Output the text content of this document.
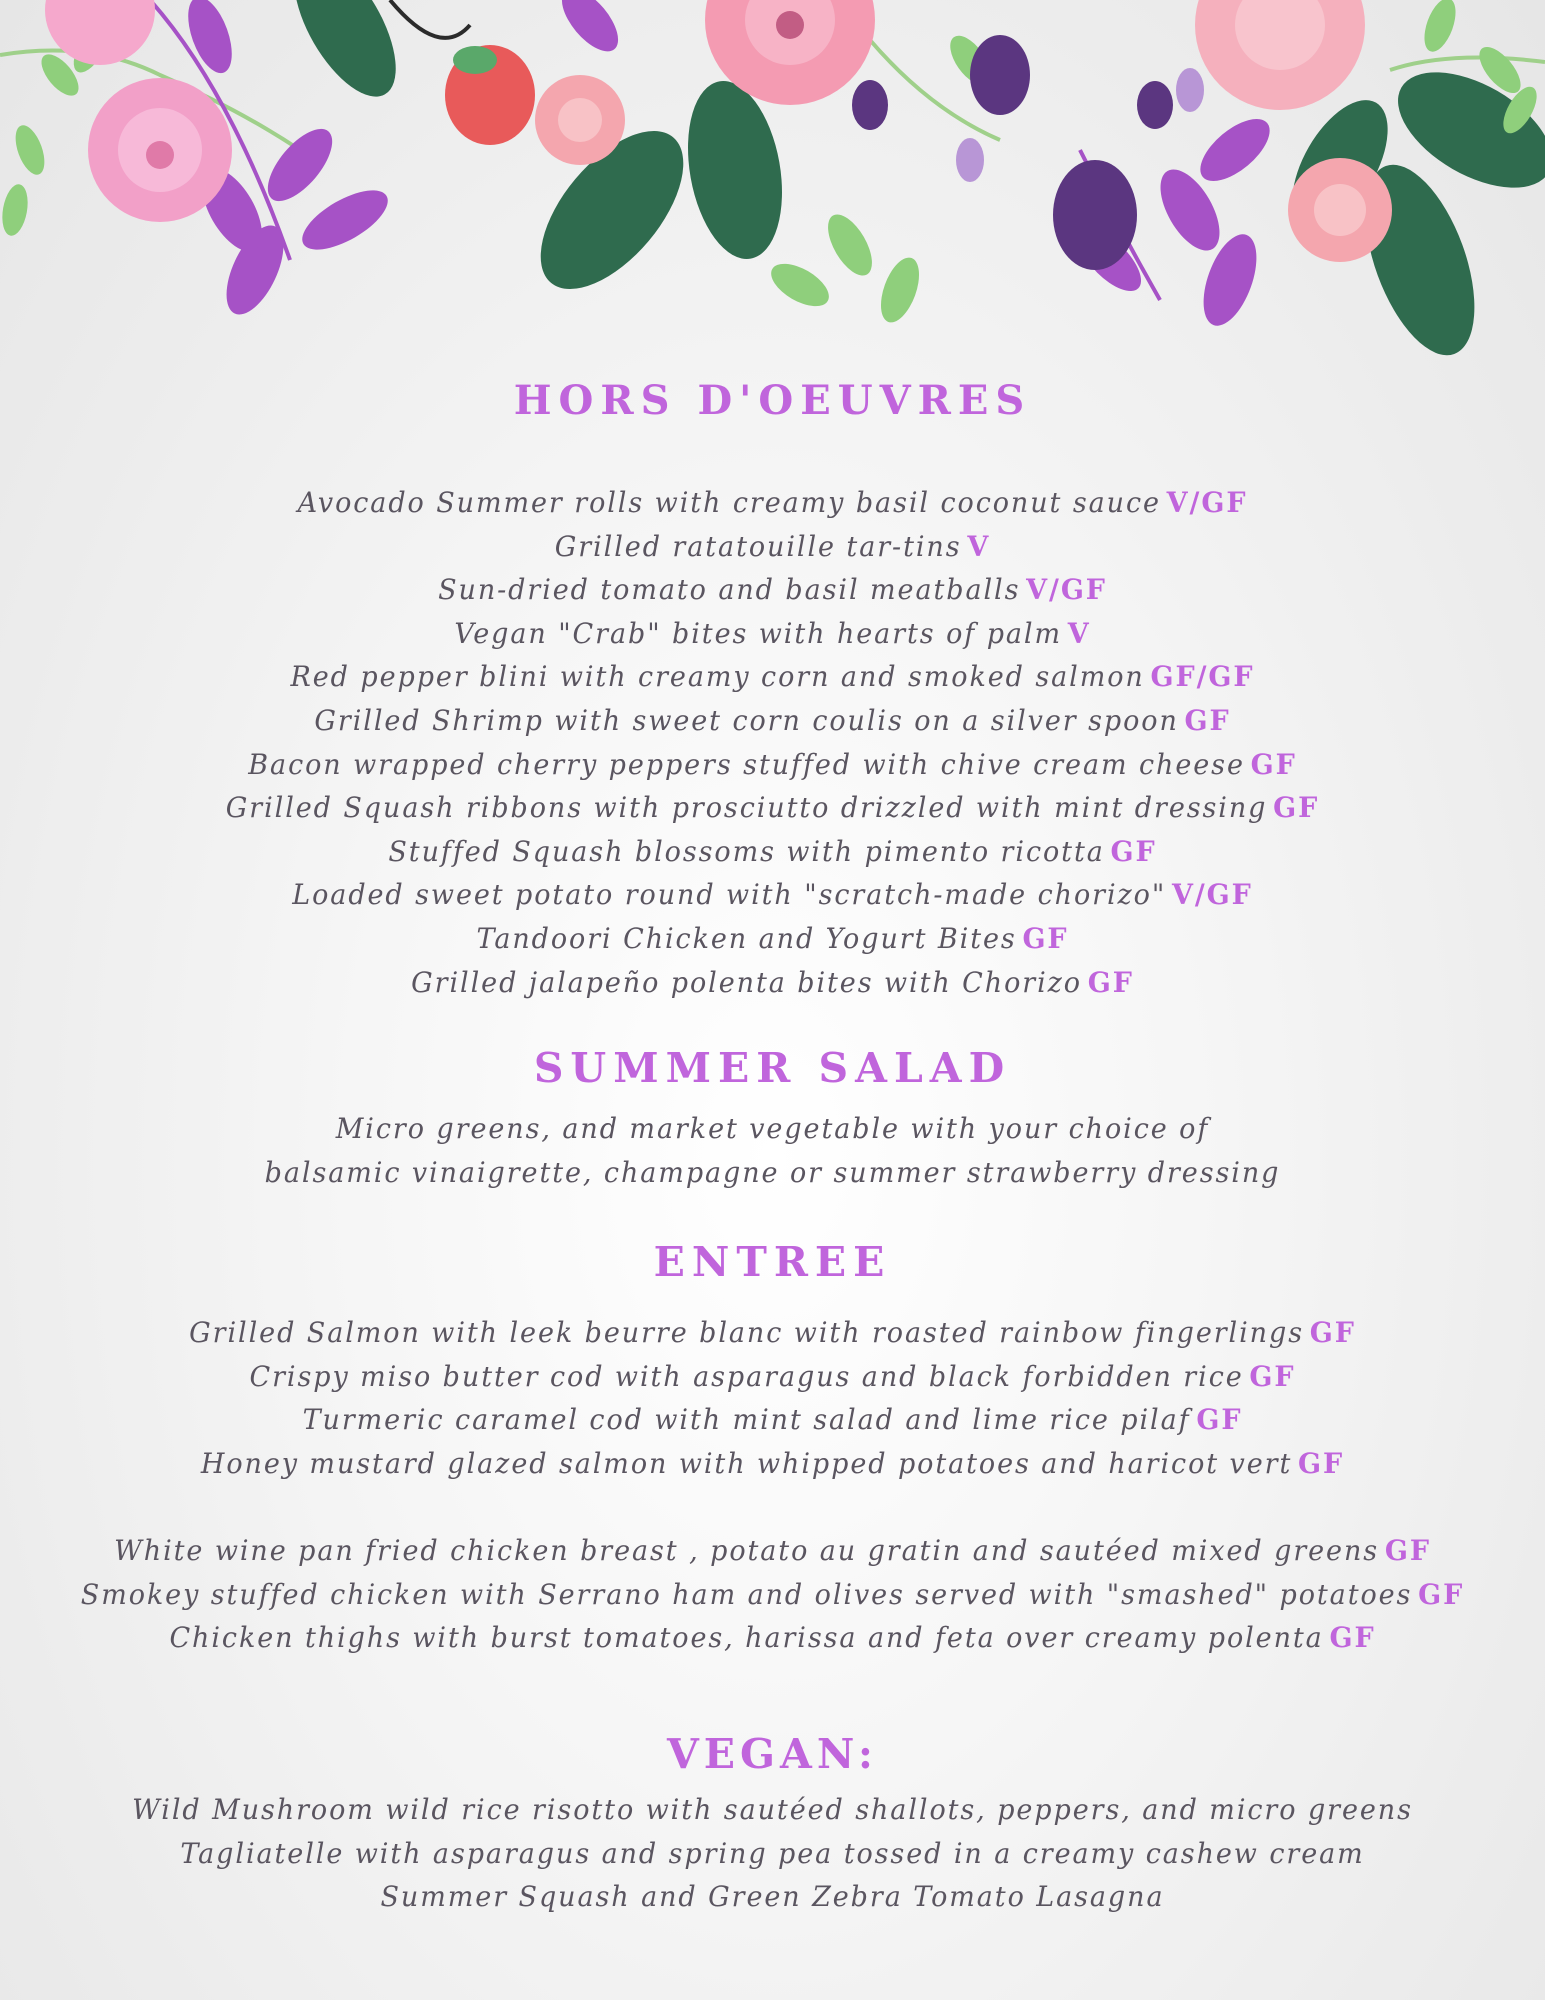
HORS D'OEUVRES
Avocado Summer rolls with creamy basil coconut sauce V/GF
Grilled ratatouille tar-tins V
Sun-dried tomato and basil meatballs V/GF
Vegan "Crab" bites with hearts of palm V
Red pepper blini with creamy corn and smoked salmon GF/GF
Grilled Shrimp with sweet corn coulis on a silver spoon GF
Bacon wrapped cherry peppers stuffed with chive cream cheese GF
Grilled Squash ribbons with prosciutto drizzled with mint dressing GF
Stuffed Squash blossoms with pimento ricotta GF
Loaded sweet potato round with "scratch-made chorizo" V/GF
Tandoori Chicken and Yogurt Bites GF
Grilled jalapeño polenta bites with Chorizo GF
SUMMER SALAD
Micro greens, and market vegetable with your choice of
balsamic vinaigrette, champagne or summer strawberry dressing
ENTREE
Grilled Salmon with leek beurre blanc with roasted rainbow fingerlings GF
Crispy miso butter cod with asparagus and black forbidden rice GF
Turmeric caramel cod with mint salad and lime rice pilaf GF
Honey mustard glazed salmon with whipped potatoes and haricot vert GF
White wine pan fried chicken breast , potato au gratin and sautéed mixed greens GF
Smokey stuffed chicken with Serrano ham and olives served with "smashed" potatoes GF
Chicken thighs with burst tomatoes, harissa and feta over creamy polenta GF
VEGAN:
Wild Mushroom wild rice risotto with sautéed shallots, peppers, and micro greens
Tagliatelle with asparagus and spring pea tossed in a creamy cashew cream
Summer Squash and Green Zebra Tomato Lasagna
